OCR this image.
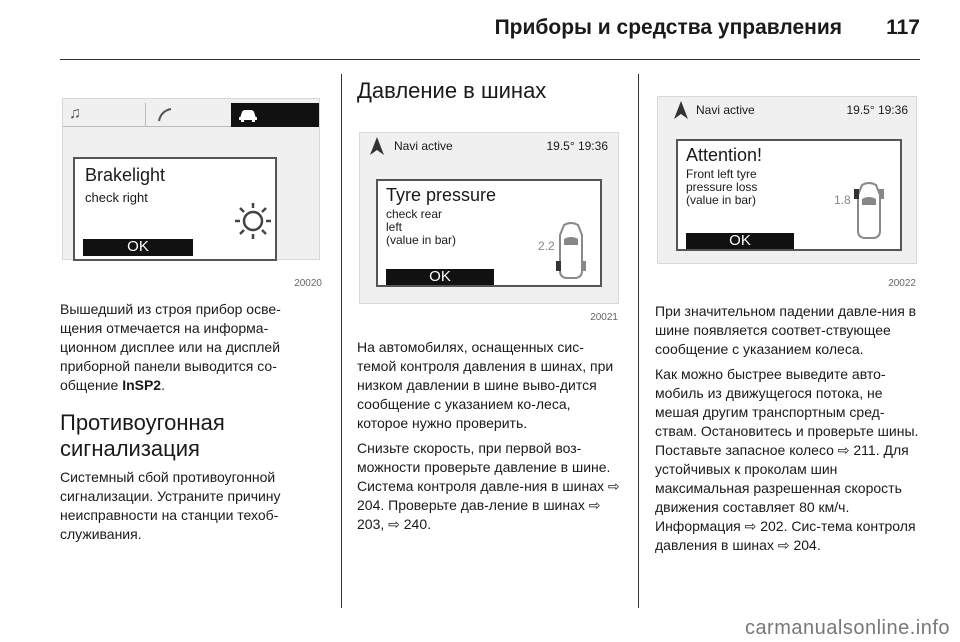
Приборы и средства управления 117
♫
Brakelight
check right
OK
20020
Вышедший из строя прибор осве-щения отмечается на информа-ционном дисплее или на дисплей приборной панели выводится со-общение InSP2.
Противоугонная сигнализация
Системный сбой противоугонной сигнализации. Устраните причину неисправности на станции техоб-служивания.
Давление в шинах
Navi active	19.5° 19:36
Tyre pressure
check rear
left
(value in bar)
OK
2.2
20021

На автомобилях, оснащенных сис-темой контроля давления в шинах, при низком давлении в шине выво-дится сообщение с указанием ко-леса, которое нужно проверить.

Снизьте скорость, при первой воз-можности проверьте давление в шине. Система контроля давле-ния в шинах ⇨ 204. Проверьте дав-ление в шинах ⇨ 203, ⇨ 240.

Navi active	19.5° 19:36
Attention!
Front left tyre
pressure loss
(value in bar)
OK
1.8
20022

При значительном падении давле-ния в шине появляется соответ-ствующее сообщение с указанием колеса.

Как можно быстрее выведите авто-мобиль из движущегося потока, не мешая другим транспортным сред-ствам. Остановитесь и проверьте шины. Поставьте запасное колесо ⇨ 211. Для устойчивых к проколам шин максимальная разрешенная скорость движения составляет 80 км/ч. Информация ⇨ 202. Сис-тема контроля давления в шинах ⇨ 204.

carmanualsonline.info
